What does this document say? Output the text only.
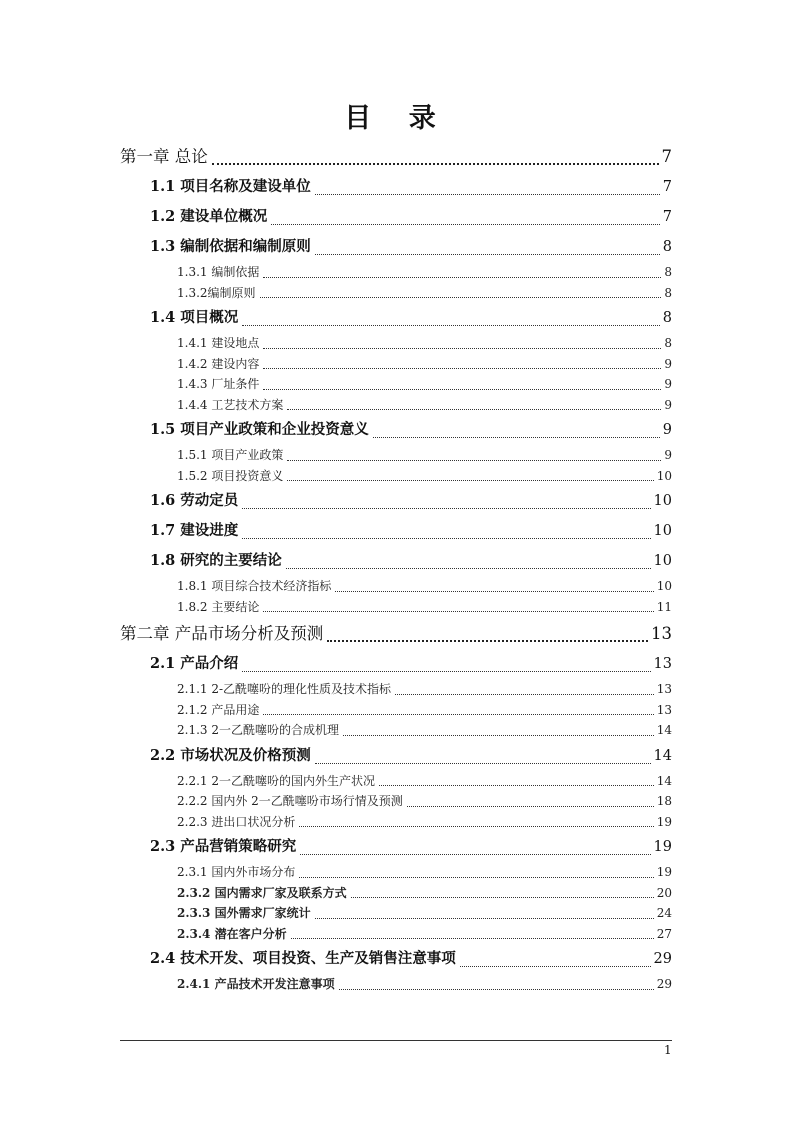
目 录
第一章 总论	7
1.1 项目名称及建设单位	7
1.2 建设单位概况	7
1.3 编制依据和编制原则	8
1.3.1 编制依据	8
1.3.2编制原则	8
1.4 项目概况	8
1.4.1 建设地点	8
1.4.2 建设内容	9
1.4.3 厂址条件	9
1.4.4 工艺技术方案	9
1.5 项目产业政策和企业投资意义	9
1.5.1 项目产业政策	9
1.5.2 项目投资意义	10
1.6 劳动定员	10
1.7 建设进度	10
1.8 研究的主要结论	10
1.8.1 项目综合技术经济指标	10
1.8.2 主要结论	11
第二章 产品市场分析及预测	13
2.1 产品介绍	13
2.1.1 2-乙酰噻吩的理化性质及技术指标	13
2.1.2 产品用途	13
2.1.3 2一乙酰噻吩的合成机理	14
2.2 市场状况及价格预测	14
2.2.1 2一乙酰噻吩的国内外生产状况	14
2.2.2 国内外 2一乙酰噻吩市场行情及预测	18
2.2.3 进出口状况分析	19
2.3 产品营销策略研究	19
2.3.1 国内外市场分布	19
2.3.2 国内需求厂家及联系方式	20
2.3.3 国外需求厂家统计	24
2.3.4 潜在客户分析	27
2.4 技术开发、项目投资、生产及销售注意事项	29
2.4.1 产品技术开发注意事项	29
1
